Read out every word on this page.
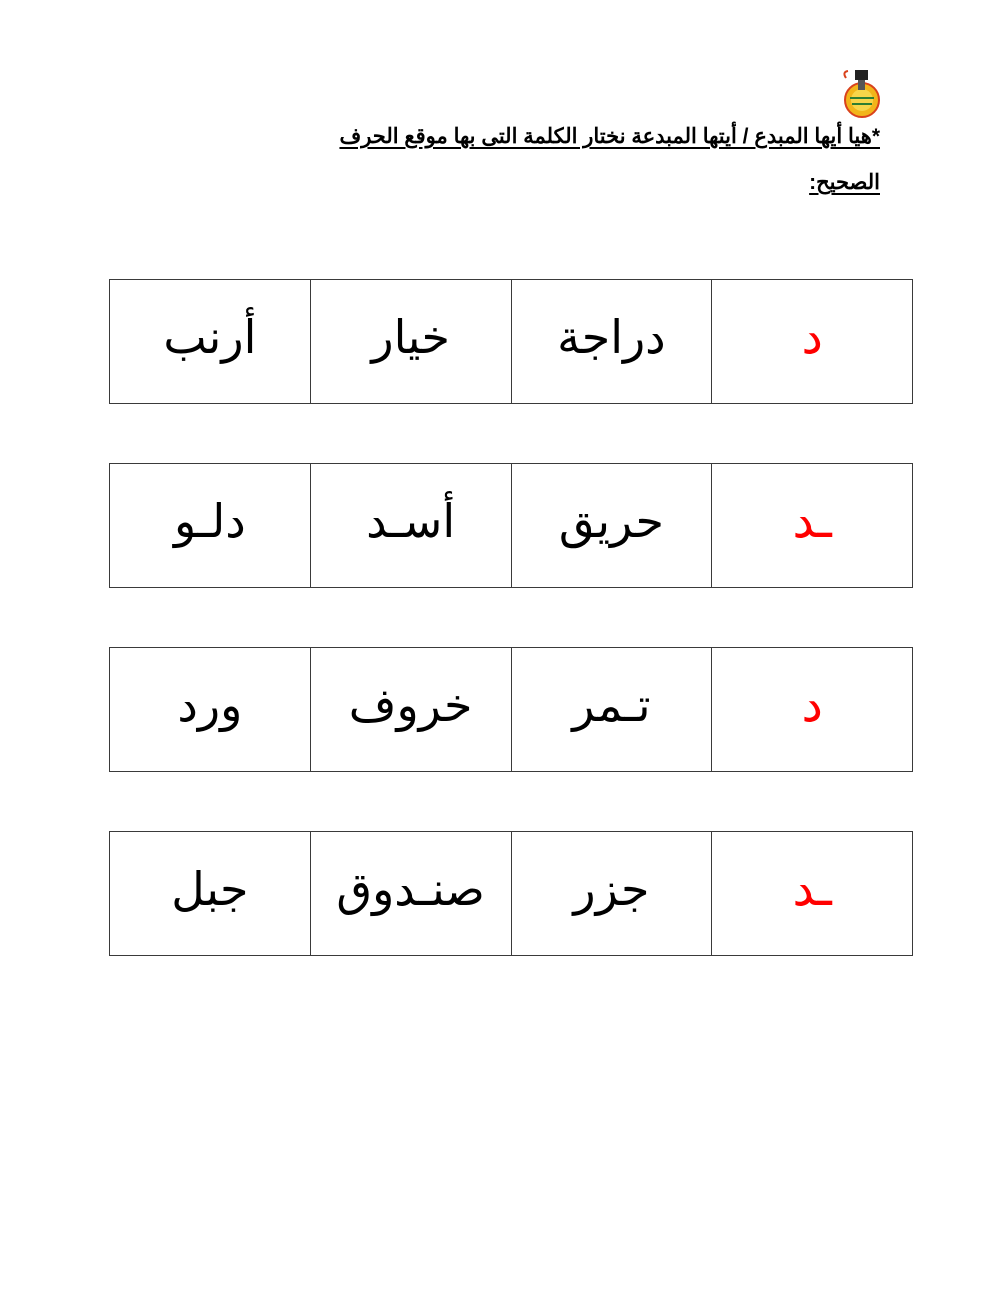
*هيا أيها المبدع / أيتها المبدعة نختار الكلمة التى بها موقع الحرف
الصحيح:
د
دراجة
خيار
أرنب
ـد
حريق
أسـد
دلـو
د
تـمر
خروف
ورد
ـد
جزر
صنـدوق
جبل
